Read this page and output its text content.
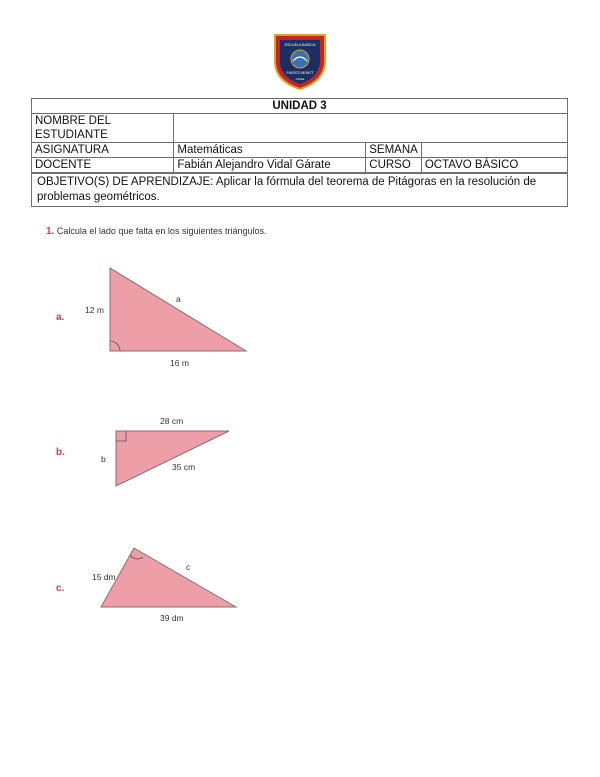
ESCUELA BÁSICA
PUERTO MONTT
CHILE
UNIDAD 3			
NOMBRE DEL ESTUDIANTE			
ASIGNATURA	Matemáticas	SEMANA	
DOCENTE	Fabián Alejandro Vidal Gárate	CURSO	OCTAVO BÁSICO
OBJETIVO(S) DE APRENDIZAJE: Aplicar la fórmula del teorema de Pitágoras en la resolución de problemas geométricos.
1. Calcula el lado que falta en los siguientes triángulos.
a.
12 m
16 m
a
b.
28 cm
35 cm
b
c.
15 dm
39 dm
c
